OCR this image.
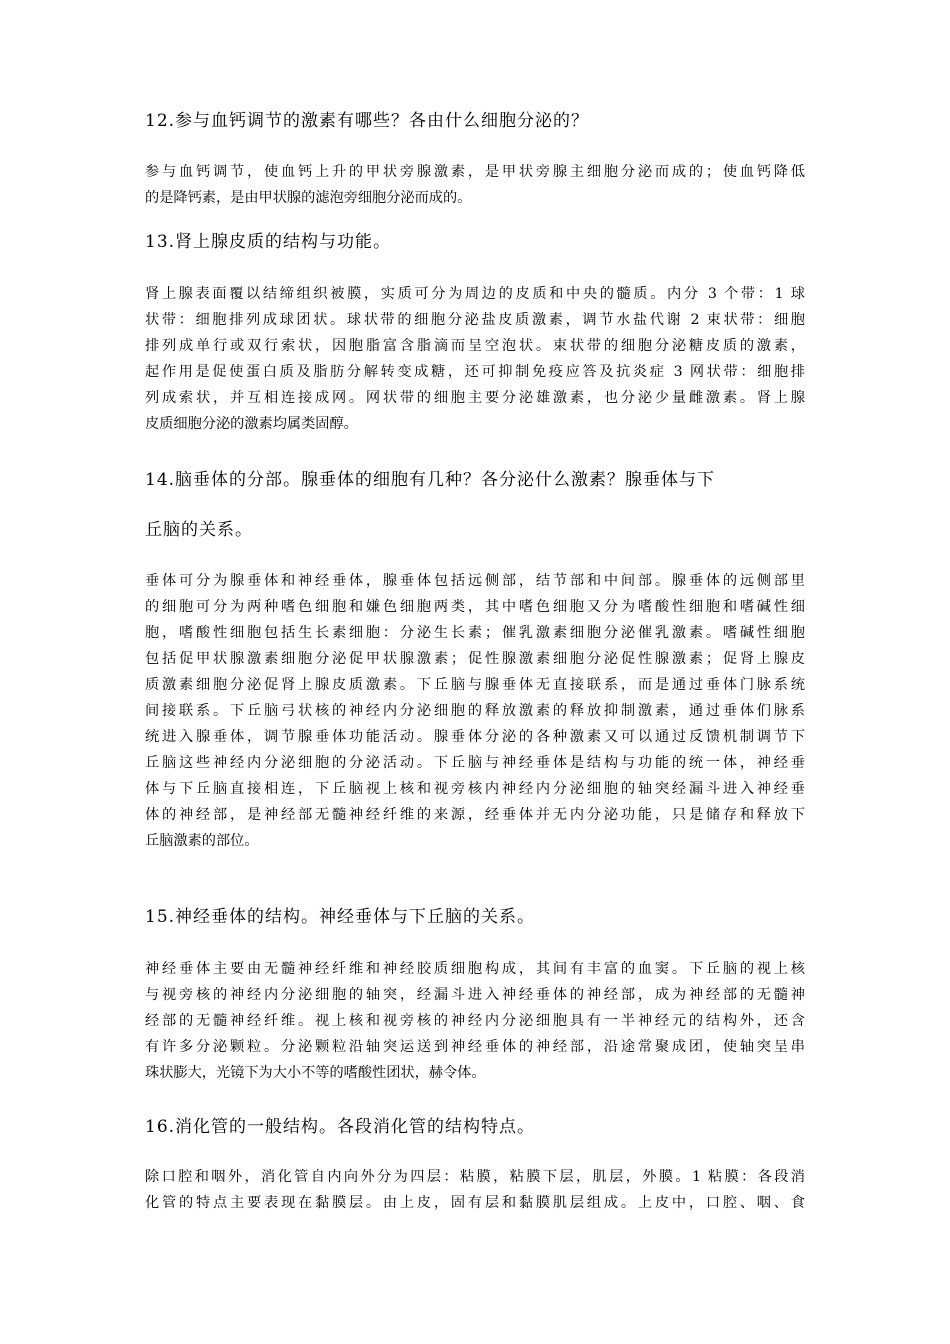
12.参与血钙调节的激素有哪些？各由什么细胞分泌的？
参与血钙调节，使血钙上升的甲状旁腺激素，是甲状旁腺主细胞分泌而成的；使血钙降低
的是降钙素，是由甲状腺的滤泡旁细胞分泌而成的。
13.肾上腺皮质的结构与功能。
肾上腺表面覆以结缔组织被膜，实质可分为周边的皮质和中央的髓质。内分 3 个带：1 球
状带：细胞排列成球团状。球状带的细胞分泌盐皮质激素，调节水盐代谢 2 束状带：细胞
排列成单行或双行索状，因胞脂富含脂滴而呈空泡状。束状带的细胞分泌糖皮质的激素，
起作用是促使蛋白质及脂肪分解转变成糖，还可抑制免疫应答及抗炎症 3 网状带：细胞排
列成索状，并互相连接成网。网状带的细胞主要分泌雄激素，也分泌少量雌激素。肾上腺
皮质细胞分泌的激素均属类固醇。
14.脑垂体的分部。腺垂体的细胞有几种？各分泌什么激素？腺垂体与下
丘脑的关系。
垂体可分为腺垂体和神经垂体，腺垂体包括远侧部，结节部和中间部。腺垂体的远侧部里
的细胞可分为两种嗜色细胞和嫌色细胞两类，其中嗜色细胞又分为嗜酸性细胞和嗜碱性细
胞，嗜酸性细胞包括生长素细胞：分泌生长素；催乳激素细胞分泌催乳激素。嗜碱性细胞
包括促甲状腺激素细胞分泌促甲状腺激素；促性腺激素细胞分泌促性腺激素；促肾上腺皮
质激素细胞分泌促肾上腺皮质激素。下丘脑与腺垂体无直接联系，而是通过垂体门脉系统
间接联系。下丘脑弓状核的神经内分泌细胞的释放激素的释放抑制激素，通过垂体们脉系
统进入腺垂体，调节腺垂体功能活动。腺垂体分泌的各种激素又可以通过反馈机制调节下
丘脑这些神经内分泌细胞的分泌活动。下丘脑与神经垂体是结构与功能的统一体，神经垂
体与下丘脑直接相连，下丘脑视上核和视旁核内神经内分泌细胞的轴突经漏斗进入神经垂
体的神经部，是神经部无髓神经纤维的来源，经垂体并无内分泌功能，只是储存和释放下
丘脑激素的部位。
15.神经垂体的结构。神经垂体与下丘脑的关系。
神经垂体主要由无髓神经纤维和神经胶质细胞构成，其间有丰富的血窦。下丘脑的视上核
与视旁核的神经内分泌细胞的轴突，经漏斗进入神经垂体的神经部，成为神经部的无髓神
经部的无髓神经纤维。视上核和视旁核的神经内分泌细胞具有一半神经元的结构外，还含
有许多分泌颗粒。分泌颗粒沿轴突运送到神经垂体的神经部，沿途常聚成团，使轴突呈串
珠状膨大，光镜下为大小不等的嗜酸性团状，赫令体。
16.消化管的一般结构。各段消化管的结构特点。
除口腔和咽外，消化管自内向外分为四层：粘膜，粘膜下层，肌层，外膜。1 粘膜：各段消
化管的特点主要表现在黏膜层。由上皮，固有层和黏膜肌层组成。上皮中，口腔、咽、食
